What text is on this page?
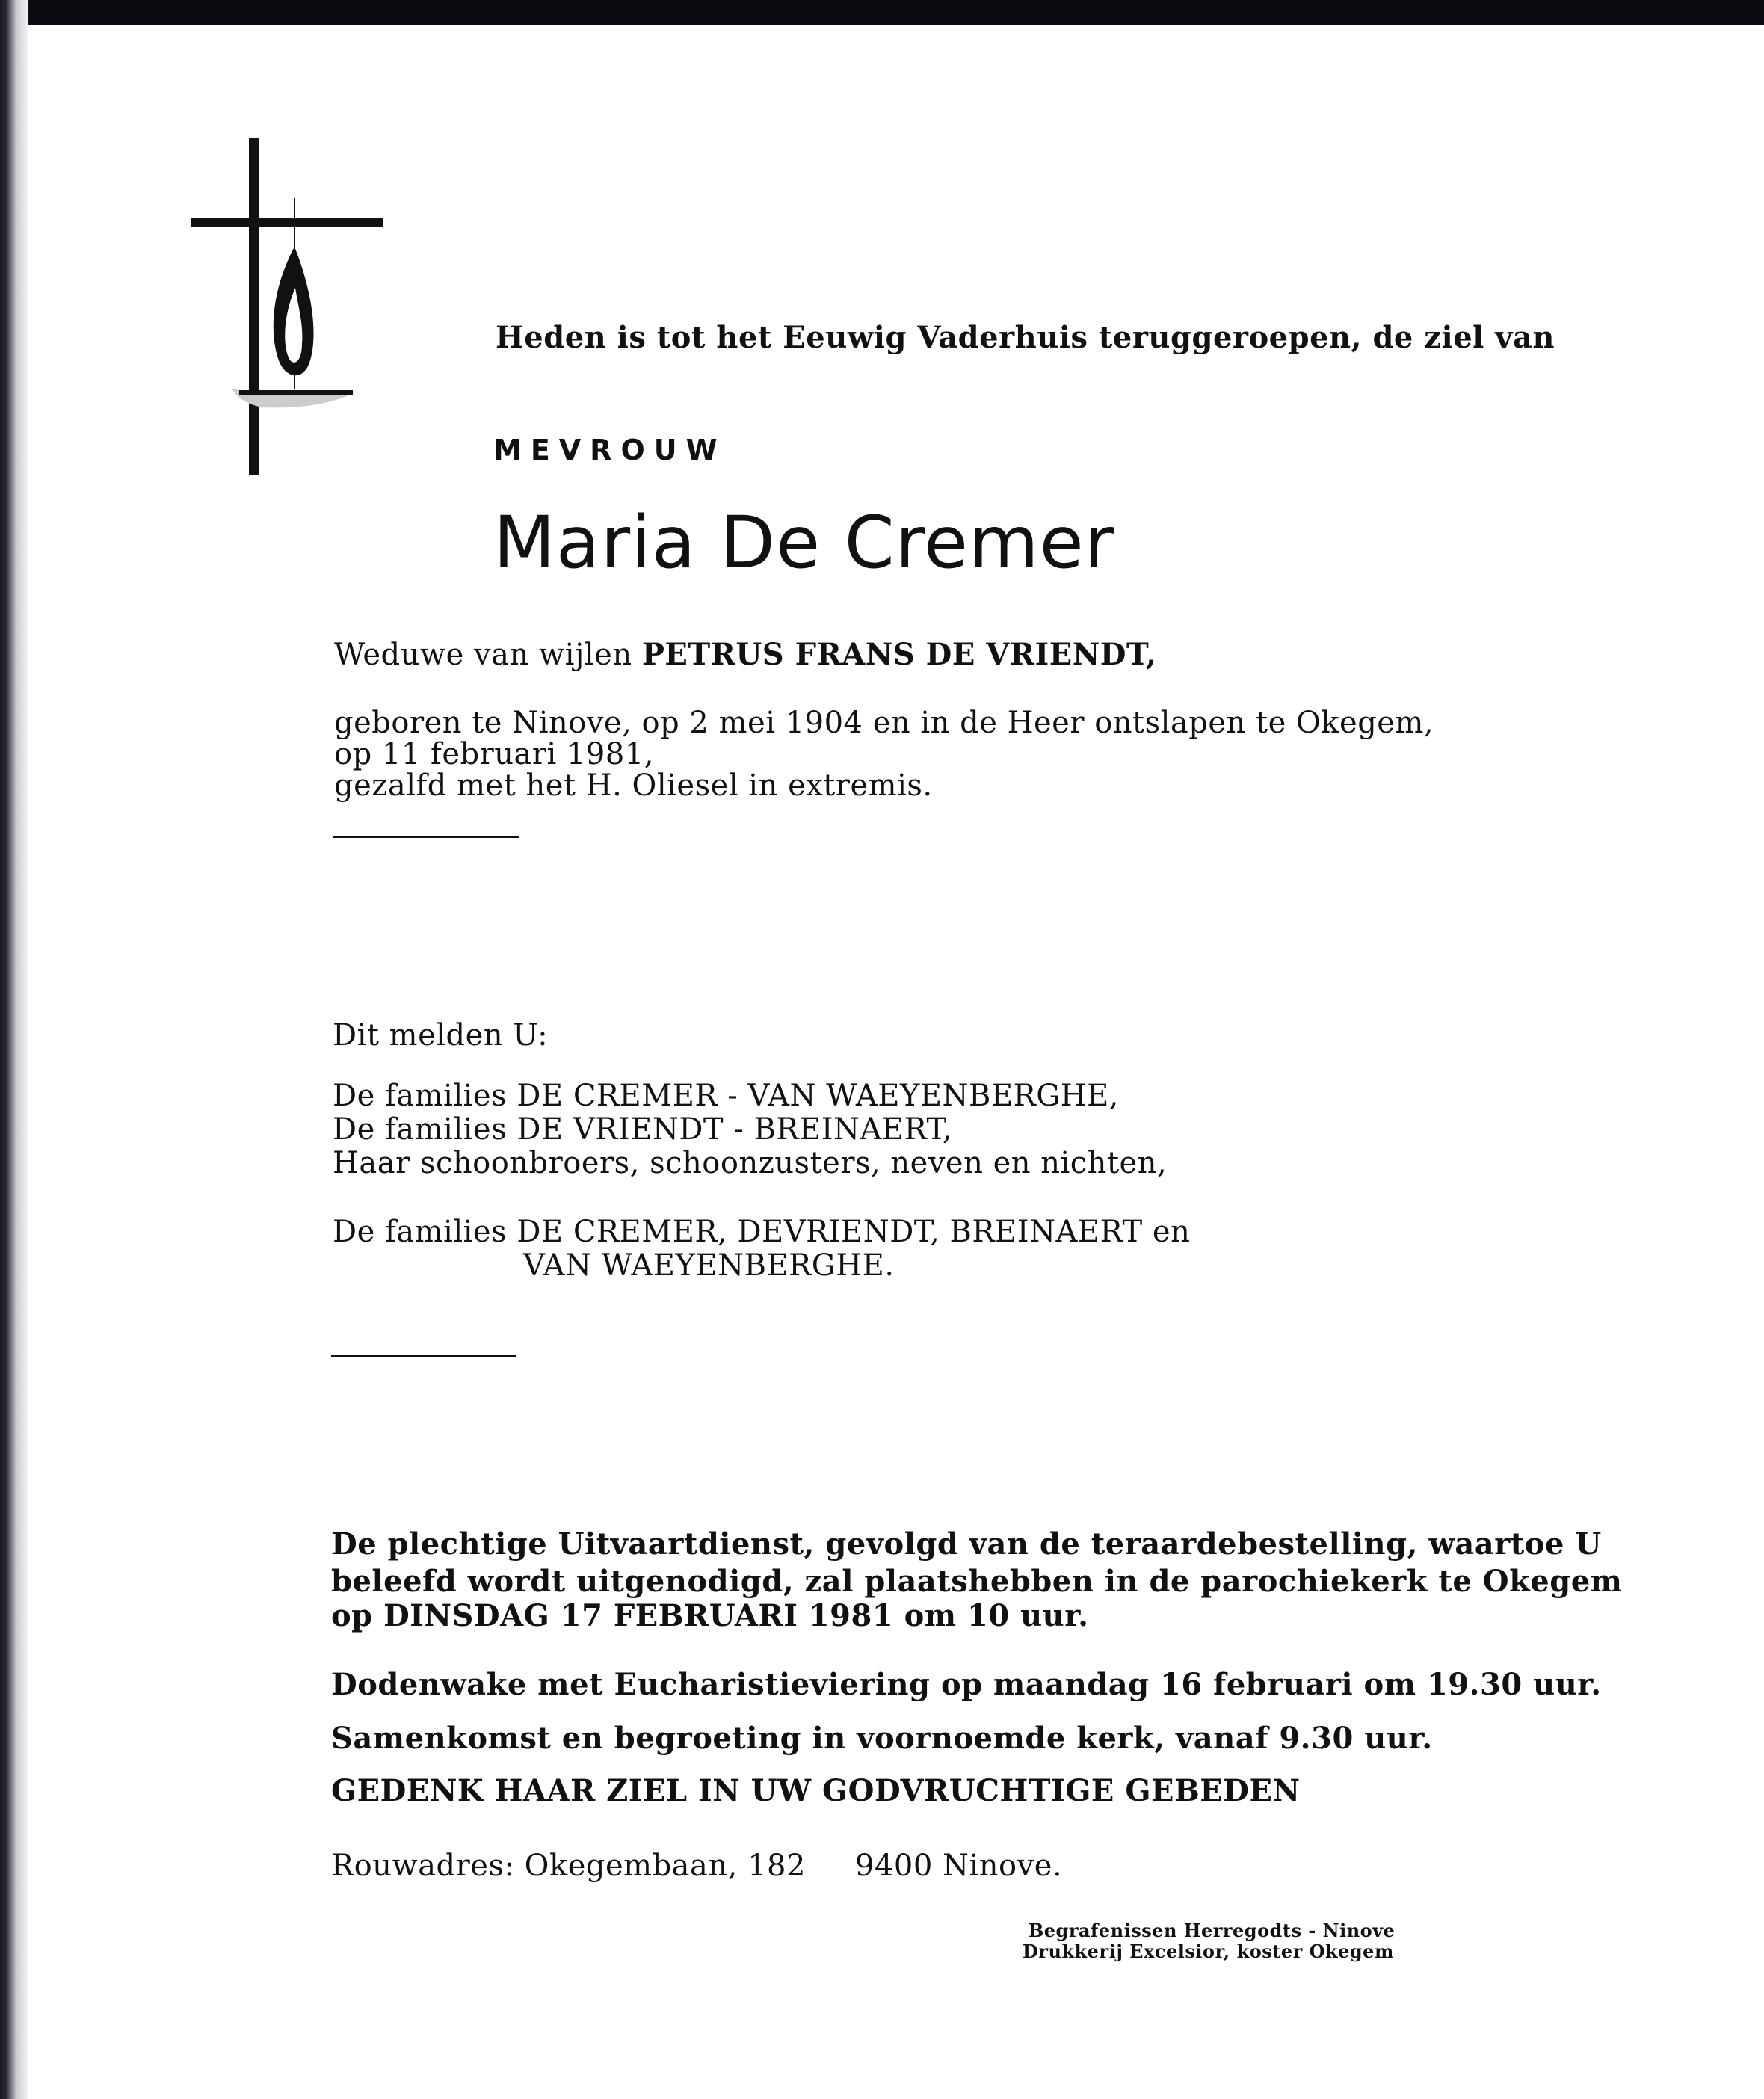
Heden is tot het Eeuwig Vaderhuis teruggeroepen, de ziel van
MEVROUW
Maria De Cremer
Weduwe van wijlen PETRUS FRANS DE VRIENDT,
geboren te Ninove, op 2 mei 1904 en in de Heer ontslapen te Okegem,
op 11 februari 1981,
gezalfd met het H. Oliesel in extremis.
Dit melden U:
De families DE CREMER - VAN WAEYENBERGHE,
De families DE VRIENDT - BREINAERT,
Haar schoonbroers, schoonzusters, neven en nichten,
De families DE CREMER, DEVRIENDT, BREINAERT en
VAN WAEYENBERGHE.
De plechtige Uitvaartdienst, gevolgd van de teraardebestelling, waartoe U
beleefd wordt uitgenodigd, zal plaatshebben in de parochiekerk te Okegem
op DINSDAG 17 FEBRUARI 1981 om 10 uur.
Dodenwake met Eucharistieviering op maandag 16 februari om 19.30 uur.
Samenkomst en begroeting in voornoemde kerk, vanaf 9.30 uur.
GEDENK HAAR ZIEL IN UW GODVRUCHTIGE GEBEDEN
Rouwadres: Okegembaan, 182     9400 Ninove.
Begrafenissen Herregodts - Ninove
Drukkerij Excelsior, koster Okegem
